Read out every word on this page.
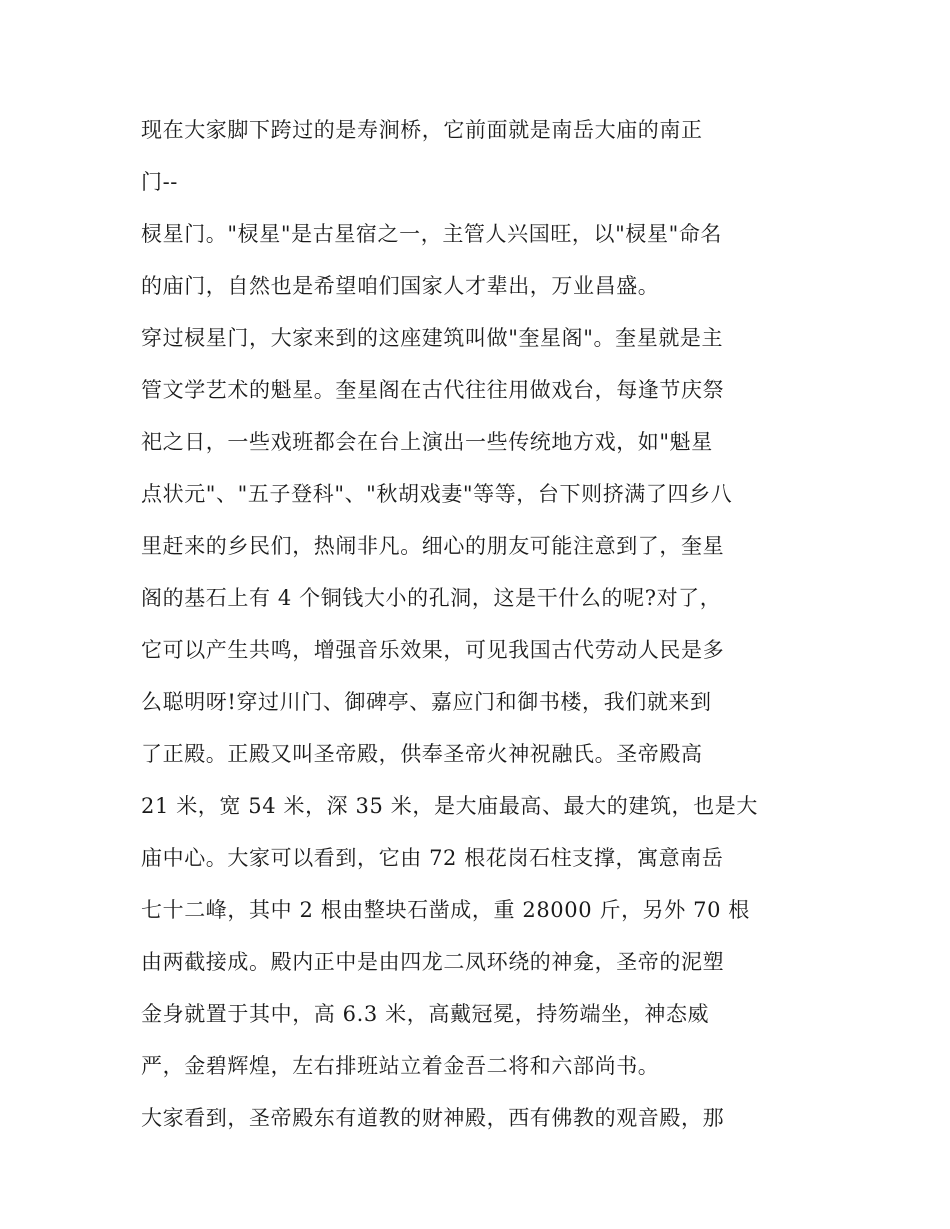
现在大家脚下跨过的是寿涧桥，它前面就是南岳大庙的南正
门--
棂星门。"棂星"是古星宿之一，主管人兴国旺，以"棂星"命名
的庙门，自然也是希望咱们国家人才辈出，万业昌盛。
穿过棂星门，大家来到的这座建筑叫做"奎星阁"。奎星就是主
管文学艺术的魁星。奎星阁在古代往往用做戏台，每逢节庆祭
祀之日，一些戏班都会在台上演出一些传统地方戏，如"魁星
点状元"、"五子登科"、"秋胡戏妻"等等，台下则挤满了四乡八
里赶来的乡民们，热闹非凡。细心的朋友可能注意到了，奎星
阁的基石上有 4 个铜钱大小的孔洞，这是干什么的呢?对了，
它可以产生共鸣，增强音乐效果，可见我国古代劳动人民是多
么聪明呀!穿过川门、御碑亭、嘉应门和御书楼，我们就来到
了正殿。正殿又叫圣帝殿，供奉圣帝火神祝融氏。圣帝殿高
21 米，宽 54 米，深 35 米，是大庙最高、最大的建筑，也是大
庙中心。大家可以看到，它由 72 根花岗石柱支撑，寓意南岳
七十二峰，其中 2 根由整块石凿成，重 28000 斤，另外 70 根
由两截接成。殿内正中是由四龙二凤环绕的神龛，圣帝的泥塑
金身就置于其中，高 6.3 米，高戴冠冕，持笏端坐，神态威
严，金碧辉煌，左右排班站立着金吾二将和六部尚书。
大家看到，圣帝殿东有道教的财神殿，西有佛教的观音殿，那
